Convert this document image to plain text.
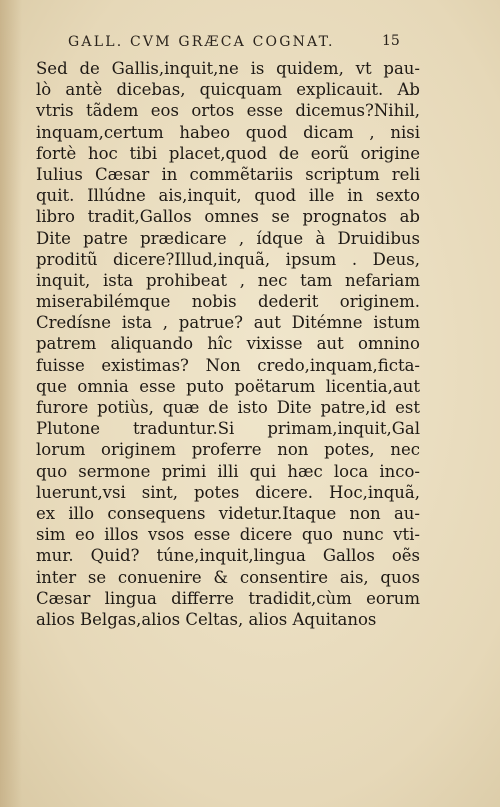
GALL. CVM GRÆCA COGNAT.	15
Sed de Gallis,inquit,ne is quidem, vt pau-
lò antè dicebas, quicquam explicauit. Ab
vtris tãdem eos ortos esse dicemus?Nihil,
inquam,certum habeo quod dicam , nisi
fortè hoc tibi placet,quod de eorũ origine
Iulius Cæsar in commẽtariis scriptum reli
quit. Illúdne ais,inquit, quod ille in sexto
libro tradit,Gallos omnes se prognatos ab
Dite patre prædicare , ídque à Druidibus
proditũ dicere?Illud,inquã, ipsum . Deus,
inquit, ista prohibeat , nec tam nefariam
miserabilémque nobis dederit originem.
Credísne ista , patrue? aut Ditémne istum
patrem aliquando hîc vixisse aut omnino
fuisse existimas? Non credo,inquam,ficta-
que omnia esse puto poëtarum licentia,aut
furore potiùs, quæ de isto Dite patre,id est
Plutone traduntur.Si primam,inquit,Gal
lorum originem proferre non potes, nec
quo sermone primi illi qui hæc loca inco-
luerunt,vsi sint, potes dicere. Hoc,inquã,
ex illo consequens videtur.Itaque non au-
sim eo illos vsos esse dicere quo nunc vti-
mur. Quid? túne,inquit,lingua Gallos oẽs
inter se conuenire & consentire ais, quos
Cæsar lingua differre tradidit,cùm eorum
alios Belgas,alios Celtas, alios Aquitanos
